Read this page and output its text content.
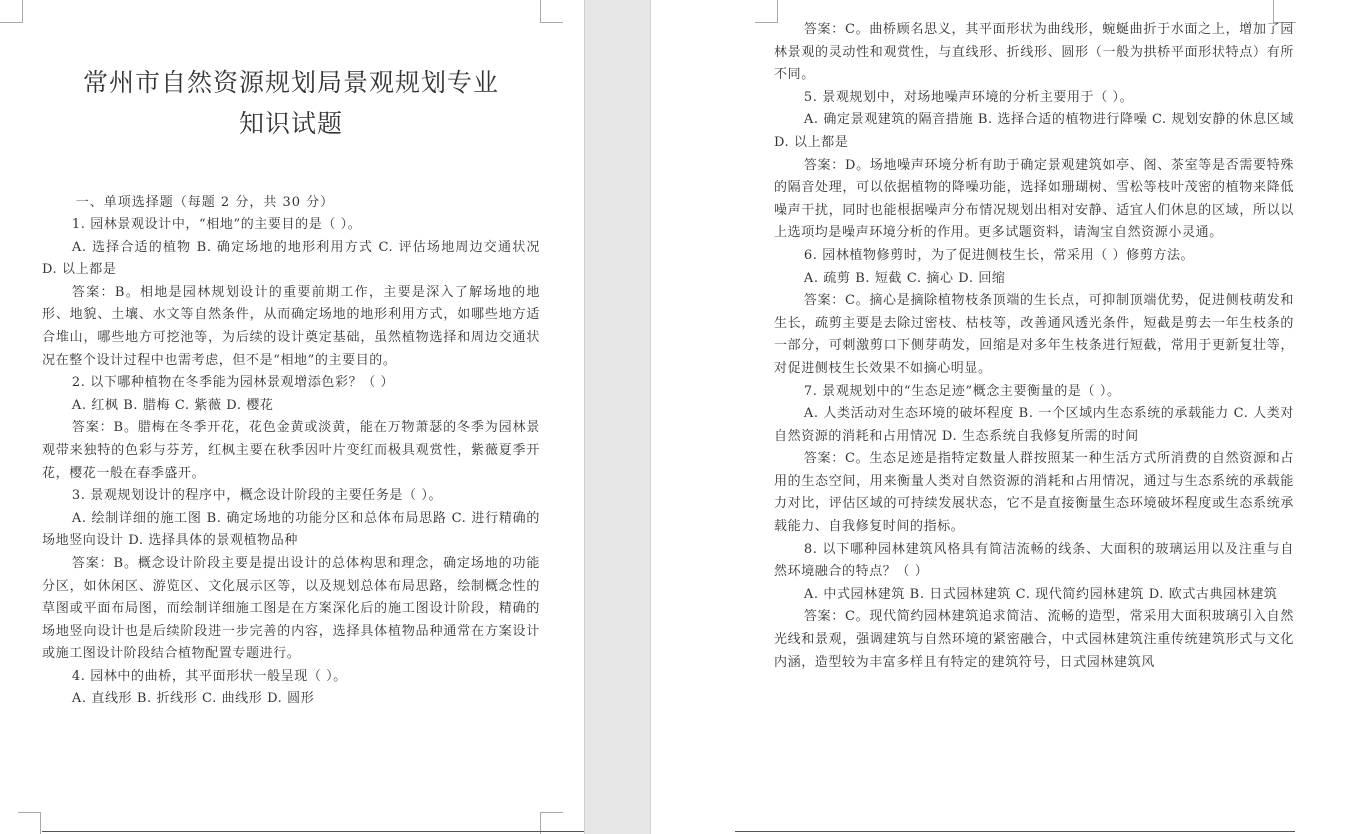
常州市自然资源规划局景观规划专业
知识试题

一、单项选择题（每题 2 分，共 30 分）

1. 园林景观设计中，“相地”的主要目的是（ ）。

A. 选择合适的植物 B. 确定场地的地形利用方式 C. 评估场地周边交通状况 D. 以上都是

答案：B。相地是园林规划设计的重要前期工作，主要是深入了解场地的地形、地貌、土壤、水文等自然条件，从而确定场地的地形利用方式，如哪些地方适合堆山，哪些地方可挖池等，为后续的设计奠定基础，虽然植物选择和周边交通状况在整个设计过程中也需考虑，但不是“相地”的主要目的。

2. 以下哪种植物在冬季能为园林景观增添色彩？（ ）

A. 红枫 B. 腊梅 C. 紫薇 D. 樱花

答案：B。腊梅在冬季开花，花色金黄或淡黄，能在万物萧瑟的冬季为园林景观带来独特的色彩与芬芳，红枫主要在秋季因叶片变红而极具观赏性，紫薇夏季开花，樱花一般在春季盛开。

3. 景观规划设计的程序中，概念设计阶段的主要任务是（ ）。

A. 绘制详细的施工图 B. 确定场地的功能分区和总体布局思路 C. 进行精确的场地竖向设计 D. 选择具体的景观植物品种

答案：B。概念设计阶段主要是提出设计的总体构思和理念，确定场地的功能分区，如休闲区、游览区、文化展示区等，以及规划总体布局思路，绘制概念性的草图或平面布局图，而绘制详细施工图是在方案深化后的施工图设计阶段，精确的场地竖向设计也是后续阶段进一步完善的内容，选择具体植物品种通常在方案设计或施工图设计阶段结合植物配置专题进行。

4. 园林中的曲桥，其平面形状一般呈现（ ）。

A. 直线形 B. 折线形 C. 曲线形 D. 圆形

答案：C。曲桥顾名思义，其平面形状为曲线形，蜿蜒曲折于水面之上，增加了园林景观的灵动性和观赏性，与直线形、折线形、圆形（一般为拱桥平面形状特点）有所不同。

5. 景观规划中，对场地噪声环境的分析主要用于（ ）。

A. 确定景观建筑的隔音措施 B. 选择合适的植物进行降噪 C. 规划安静的休息区域 D. 以上都是

答案：D。场地噪声环境分析有助于确定景观建筑如亭、阁、茶室等是否需要特殊的隔音处理，可以依据植物的降噪功能，选择如珊瑚树、雪松等枝叶茂密的植物来降低噪声干扰，同时也能根据噪声分布情况规划出相对安静、适宜人们休息的区域，所以以上选项均是噪声环境分析的作用。更多试题资料，请淘宝自然资源小灵通。

6. 园林植物修剪时，为了促进侧枝生长，常采用（ ）修剪方法。

A. 疏剪 B. 短截 C. 摘心 D. 回缩

答案：C。摘心是摘除植物枝条顶端的生长点，可抑制顶端优势，促进侧枝萌发和生长，疏剪主要是去除过密枝、枯枝等，改善通风透光条件，短截是剪去一年生枝条的一部分，可刺激剪口下侧芽萌发，回缩是对多年生枝条进行短截，常用于更新复壮等，对促进侧枝生长效果不如摘心明显。

7. 景观规划中的“生态足迹”概念主要衡量的是（ ）。

A. 人类活动对生态环境的破坏程度 B. 一个区域内生态系统的承载能力 C. 人类对自然资源的消耗和占用情况 D. 生态系统自我修复所需的时间

答案：C。生态足迹是指特定数量人群按照某一种生活方式所消费的自然资源和占用的生态空间，用来衡量人类对自然资源的消耗和占用情况，通过与生态系统的承载能力对比，评估区域的可持续发展状态，它不是直接衡量生态环境破坏程度或生态系统承载能力、自我修复时间的指标。

8. 以下哪种园林建筑风格具有简洁流畅的线条、大面积的玻璃运用以及注重与自然环境融合的特点？（ ）

A. 中式园林建筑 B. 日式园林建筑 C. 现代简约园林建筑 D. 欧式古典园林建筑

答案：C。现代简约园林建筑追求简洁、流畅的造型，常采用大面积玻璃引入自然光线和景观，强调建筑与自然环境的紧密融合，中式园林建筑注重传统建筑形式与文化内涵，造型较为丰富多样且有特定的建筑符号，日式园林建筑风
